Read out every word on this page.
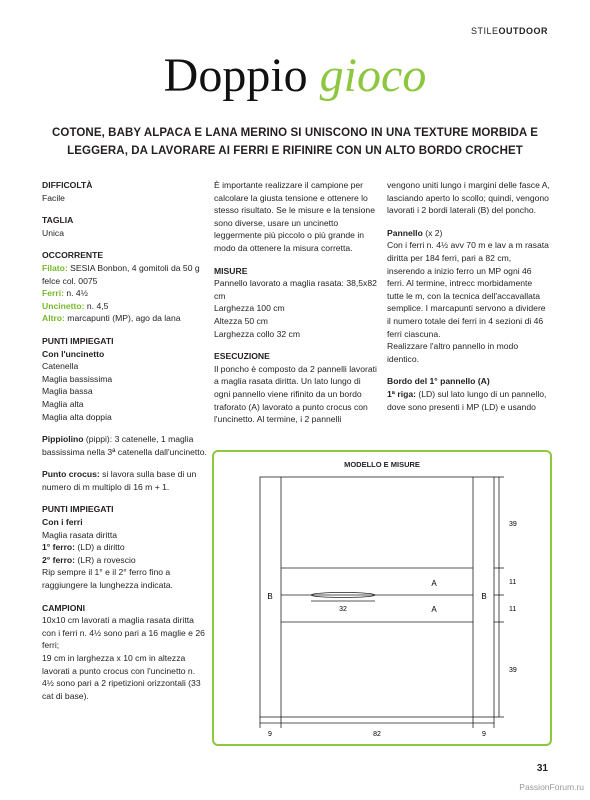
STILEOUTDOOR
Doppio gioco
COTONE, BABY ALPACA E LANA MERINO SI UNISCONO IN UNA TEXTURE MORBIDA E LEGGERA, DA LAVORARE AI FERRI E RIFINIRE CON UN ALTO BORDO CROCHET

DIFFICOLTÀ

Facile

TAGLIA

Unica

OCCORRENTE

Filato: SESIA Bonbon, 4 gomitoli da 50 g felce col. 0075

Ferri: n. 4½

Uncinetto: n. 4,5

Altro: marcapunti (MP), ago da lana

PUNTI IMPIEGATI

Con l'uncinetto

Catenella

Maglia bassissima

Maglia bassa

Maglia alta

Maglia alta doppia

Pippiolino (pippi): 3 catenelle, 1 maglia bassissima nella 3ª catenella dall'uncinetto.

Punto crocus: si lavora sulla base di un numero di m multiplo di 16 m + 1.

PUNTI IMPIEGATI

Con i ferri

Maglia rasata diritta

1° ferro: (LD) a diritto

2° ferro: (LR) a rovescio

Rip sempre il 1° e il 2° ferro fino a raggiungere la lunghezza indicata.

CAMPIONI

10x10 cm lavorati a maglia rasata diritta con i ferri n. 4½ sono pari a 16 maglie e 26 ferri;

19 cm in larghezza x 10 cm in altezza lavorati a punto crocus con l'uncinetto n. 4½ sono pari a 2 ripetizioni orizzontali (33 cat di base).

È importante realizzare il campione per calcolare la giusta tensione e ottenere lo stesso risultato. Se le misure e la tensione sono diverse, usare un uncinetto leggermente più piccolo o più grande in modo da ottenere la misura corretta.

MISURE

Pannello lavorato a maglia rasata: 38,5x82 cm

Larghezza 100 cm

Altezza 50 cm

Larghezza collo 32 cm

ESECUZIONE

Il poncho è composto da 2 pannelli lavorati a maglia rasata diritta. Un lato lungo di ogni pannello viene rifinito da un bordo traforato (A) lavorato a punto crocus con l'uncinetto. Al termine, i 2 pannelli

vengono uniti lungo i margini delle fasce A, lasciando aperto lo scollo; quindi, vengono lavorati i 2 bordi laterali (B) del poncho.

Pannello (x 2)

Con i ferri n. 4½ avv 70 m e lav a m rasata diritta per 184 ferri, pari a 82 cm, inserendo a inizio ferro un MP ogni 46 ferri. Al termine, intrecc morbidamente tutte le m, con la tecnica dell'accavallata semplice. I marcapunti servono a dividere il numero totale dei ferri in 4 sezioni di 46 ferri ciascuna.

Realizzare l'altro pannello in modo identico.

Bordo del 1° pannello (A)

1ª riga: (LD) sul lato lungo di un pannello, dove sono presenti i MP (LD) e usando

MODELLO E MISURE
B	B
A
A
32
39
11
11
39
9	82	9
31
PassionForum.ru
